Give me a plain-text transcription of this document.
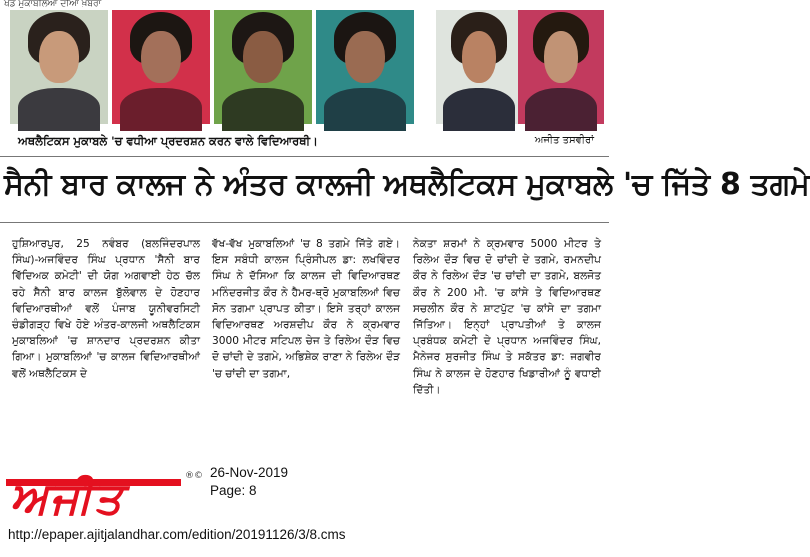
ਖੇਡ ਮੁਕਾਬਲਿਆਂ ਦੀਆਂ ਖ਼ਬਰਾਂ
ਅਥਲੈਟਿਕਸ ਮੁਕਾਬਲੇ 'ਚ ਵਧੀਆ ਪ੍ਰਦਰਸ਼ਨ ਕਰਨ ਵਾਲੇ ਵਿਦਿਆਰਥੀ।	ਅਜੀਤ ਤਸਵੀਰਾਂ
ਸੈਨੀ ਬਾਰ ਕਾਲਜ ਨੇ ਅੰਤਰ ਕਾਲਜੀ ਅਥਲੈਟਿਕਸ ਮੁਕਾਬਲੇ 'ਚ ਜਿੱਤੇ 8 ਤਗਮੇ
ਹੁਸ਼ਿਆਰਪੁਰ, 25 ਨਵੰਬਰ (ਬਲਜਿੰਦਰਪਾਲ ਸਿੰਘ)-ਅਜਵਿੰਦਰ ਸਿੰਘ ਪ੍ਰਧਾਨ 'ਸੈਨੀ ਬਾਰ ਵਿੱਦਿਅਕ ਕਮੇਟੀ' ਦੀ ਯੋਗ ਅਗਵਾਈ ਹੇਠ ਚੱਲ ਰਹੇ ਸੈਨੀ ਬਾਰ ਕਾਲਜ ਬੁੱਲੋਵਾਲ ਦੇ ਹੋਣਹਾਰ ਵਿਦਿਆਰਥੀਆਂ ਵਲੋਂ ਪੰਜਾਬ ਯੂਨੀਵਰਸਿਟੀ ਚੰਡੀਗੜ੍ਹ ਵਿਖੇ ਹੋਏ ਅੰਤਰ-ਕਾਲਜੀ ਅਥਲੈਟਿਕਸ ਮੁਕਾਬਲਿਆਂ 'ਚ ਸ਼ਾਨਦਾਰ ਪ੍ਰਦਰਸ਼ਨ ਕੀਤਾ ਗਿਆ। ਮੁਕਾਬਲਿਆਂ 'ਚ ਕਾਲਜ ਵਿਦਿਆਰਥੀਆਂ ਵਲੋਂ ਅਥਲੈਟਿਕਸ ਦੇ
ਵੱਖ-ਵੱਖ ਮੁਕਾਬਲਿਆਂ 'ਚ 8 ਤਗਮੇ ਜਿੱਤੇ ਗਏ। ਇਸ ਸਬੰਧੀ ਕਾਲਜ ਪ੍ਰਿੰਸੀਪਲ ਡਾ: ਲਖਵਿੰਦਰ ਸਿੰਘ ਨੇ ਦੱਸਿਆ ਕਿ ਕਾਲਜ ਦੀ ਵਿਦਿਆਰਥਣ ਮਨਿੰਦਰਜੀਤ ਕੌਰ ਨੇ ਹੈਮਰ-ਥ੍ਰੋ ਮੁਕਾਬਲਿਆਂ ਵਿਚ ਸੋਨ ਤਗਮਾ ਪ੍ਰਾਪਤ ਕੀਤਾ। ਇਸੇ ਤਰ੍ਹਾਂ ਕਾਲਜ ਵਿਦਿਆਰਥਣ ਅਰਸ਼ਦੀਪ ਕੌਰ ਨੇ ਕ੍ਰਮਵਾਰ 3000 ਮੀਟਰ ਸਟਿਪਲ ਚੇਜ ਤੇ ਰਿਲੇਅ ਦੌੜ ਵਿਚ ਦੋ ਚਾਂਦੀ ਦੇ ਤਗਮੇ, ਅਭਿਸ਼ੇਕ ਰਾਣਾ ਨੇ ਰਿਲੇਅ ਦੌੜ 'ਚ ਚਾਂਦੀ ਦਾ ਤਗਮਾ,
ਨੇਕਤਾ ਸ਼ਰਮਾਂ ਨੇ ਕ੍ਰਮਵਾਰ 5000 ਮੀਟਰ ਤੇ ਰਿਲੇਅ ਦੌੜ ਵਿਚ ਦੋ ਚਾਂਦੀ ਦੇ ਤਗਮੇ, ਰਮਨਦੀਪ ਕੌਰ ਨੇ ਰਿਲੇਅ ਦੌੜ 'ਚ ਚਾਂਦੀ ਦਾ ਤਗਮੇ, ਬਲਜੋਤ ਕੌਰ ਨੇ 200 ਮੀ. 'ਚ ਕਾਂਸੇ ਤੇ ਵਿਦਿਆਰਥਣ ਸਚਲੀਨ ਕੌਰ ਨੇ ਸ਼ਾਟਪੁੱਟ 'ਚ ਕਾਂਸੇ ਦਾ ਤਗਮਾ ਜਿੱਤਿਆ। ਇਨ੍ਹਾਂ ਪ੍ਰਾਪਤੀਆਂ ਤੇ ਕਾਲਜ ਪ੍ਰਬੰਧਕ ਕਮੇਟੀ ਦੇ ਪ੍ਰਧਾਨ ਅਜਵਿੰਦਰ ਸਿੰਘ, ਮੈਨੇਜਰ ਸੁਰਜੀਤ ਸਿੰਘ ਤੇ ਸਕੱਤਰ ਡਾ: ਜਗਵੀਰ ਸਿੰਘ ਨੇ ਕਾਲਜ ਦੇ ਹੋਣਹਾਰ ਖਿਡਾਰੀਆਂ ਨੂੰ ਵਧਾਈ ਦਿੱਤੀ।
ਅਜੀਤ	®© 26-Nov-2019
Page: 8
http://epaper.ajitjalandhar.com/edition/20191126/3/8.cms
